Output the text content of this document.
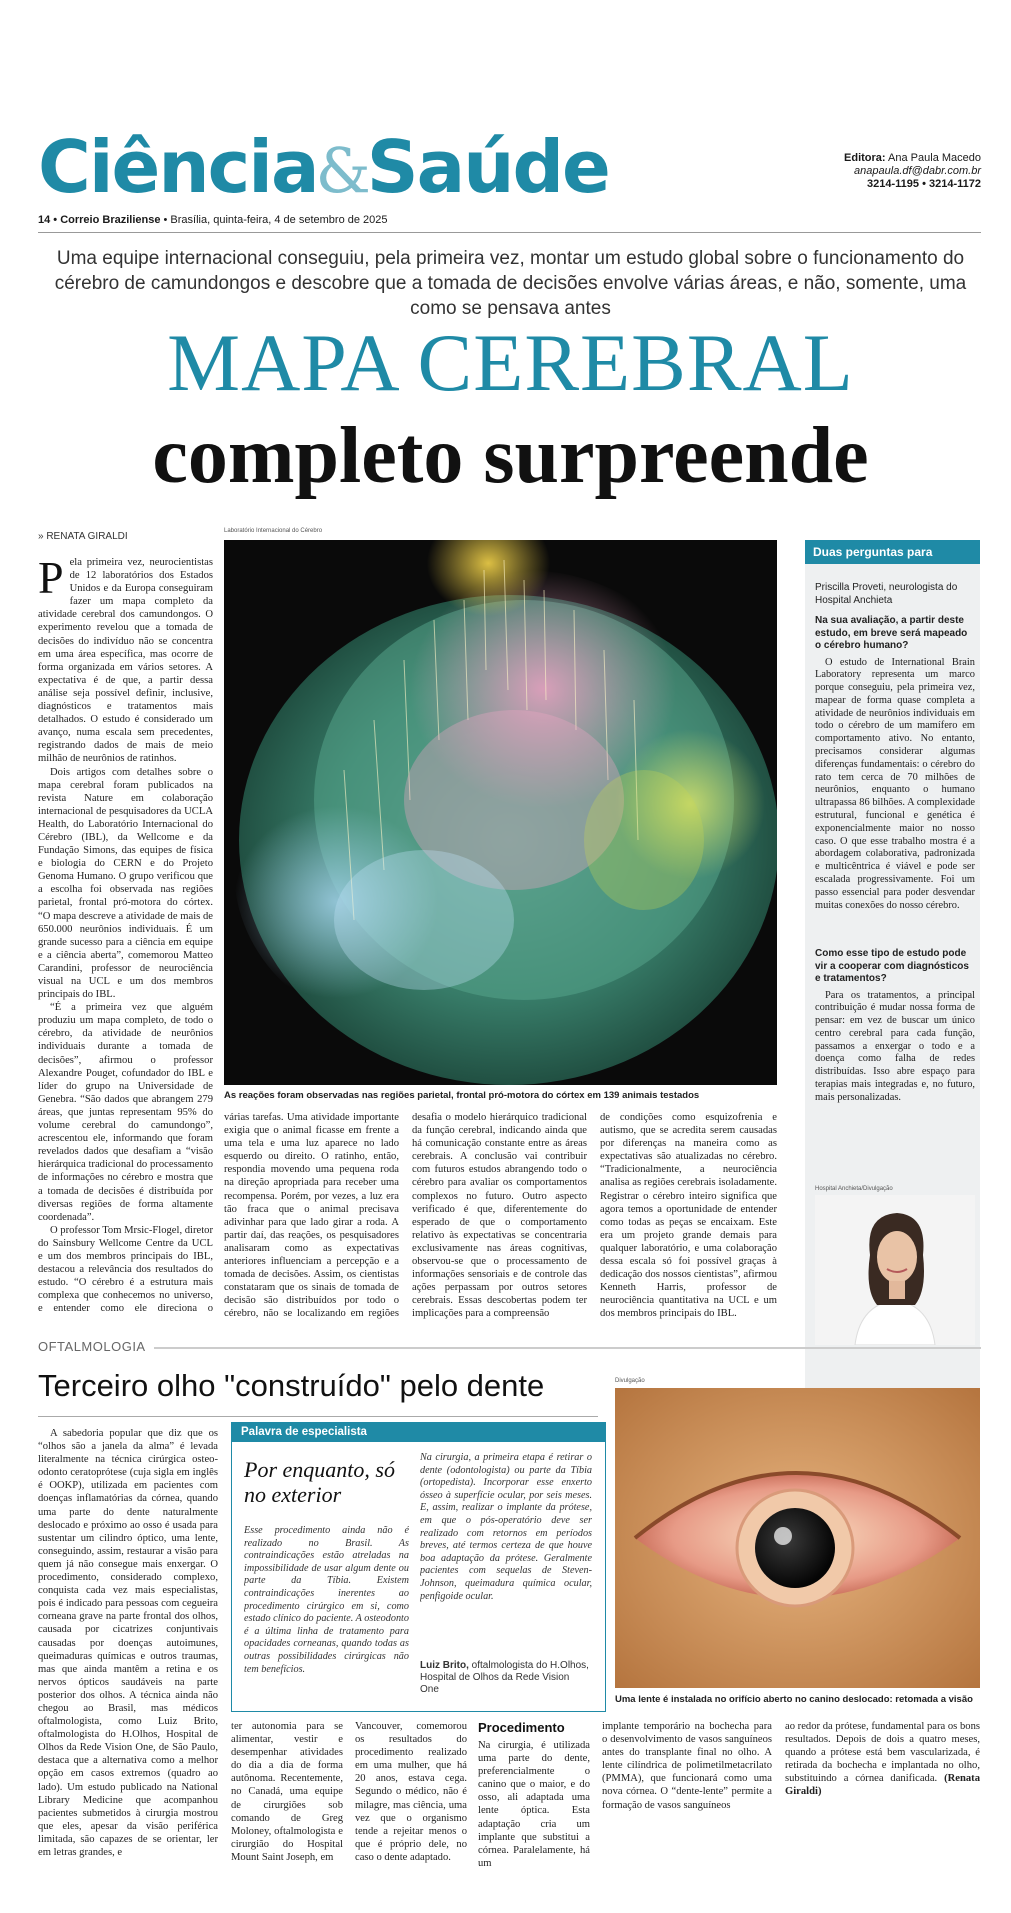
Ciência&Saúde	Editora: Ana Paula Macedo
anapaula.df@dabr.com.br
3214-1195 • 3214-1172
14 • Correio Braziliense • Brasília, quinta-feira, 4 de setembro de 2025
Uma equipe internacional conseguiu, pela primeira vez, montar um estudo global sobre o funcionamento do cérebro de camundongos e descobre que a tomada de decisões envolve várias áreas, e não, somente, uma como se pensava antes
MAPA CEREBRAL
completo surpreende
» RENATA GIRALDI

Pela primeira vez, neurocientistas de 12 laboratórios dos Estados Unidos e da Europa conseguiram fazer um mapa completo da atividade cerebral dos camundongos. O experimento revelou que a tomada de decisões do indivíduo não se concentra em uma área específica, mas ocorre de forma organizada em vários setores. A expectativa é de que, a partir dessa análise seja possível definir, inclusive, diagnósticos e tratamentos mais detalhados. O estudo é considerado um avanço, numa escala sem precedentes, registrando dados de mais de meio milhão de neurônios de ratinhos.

Dois artigos com detalhes sobre o mapa cerebral foram publicados na revista Nature em colaboração internacional de pesquisadores da UCLA Health, do Laboratório Internacional do Cérebro (IBL), da Wellcome e da Fundação Simons, das equipes de física e biologia do CERN e do Projeto Genoma Humano. O grupo verificou que a escolha foi observada nas regiões parietal, frontal pró-motora do córtex. “O mapa descreve a atividade de mais de 650.000 neurônios individuais. É um grande sucesso para a ciência em equipe e a ciência aberta”, comemorou Matteo Carandini, professor de neurociência visual na UCL e um dos membros principais do IBL.

“É a primeira vez que alguém produziu um mapa completo, de todo o cérebro, da atividade de neurônios individuais durante a tomada de decisões”, afirmou o professor Alexandre Pouget, cofundador do IBL e líder do grupo na Universidade de Genebra. “São dados que abrangem 279 áreas, que juntas representam 95% do volume cerebral do camundongo”, acrescentou ele, informando que foram revelados dados que desafiam a “visão hierárquica tradicional do processamento de informações no cérebro e mostra que a tomada de decisões é distribuída por diversas regiões de forma altamente coordenada”.

O professor Tom Mrsic-Flogel, diretor do Sainsbury Wellcome Centre da UCL e um dos membros principais do IBL, destacou a relevância dos resultados do estudo. “O cérebro é a estrutura mais complexa que conhecemos no universo, e entender como ele direciona o

Laboratório Internacional do Cérebro
As reações foram observadas nas regiões parietal, frontal pró-motora do córtex em 139 animais testados

várias tarefas. Uma atividade importante exigia que o animal ficasse em frente a uma tela e uma luz aparece no lado esquerdo ou direito. O ratinho, então, respondia movendo uma pequena roda na direção apropriada para receber uma recompensa. Porém, por vezes, a luz era tão fraca que o animal precisava adivinhar para que lado girar a roda. A partir daí, das reações, os pesquisadores analisaram como as expectativas anteriores influenciam a percepção e a tomada de decisões. Assim, os cientistas constataram que os sinais de tomada de decisão são distribuídos por todo o cérebro, não se localizando em regiões

desafia o modelo hierárquico tradicional da função cerebral, indicando ainda que há comunicação constante entre as áreas cerebrais. A conclusão vai contribuir com futuros estudos abrangendo todo o cérebro para avaliar os comportamentos complexos no futuro. Outro aspecto verificado é que, diferentemente do esperado de que o comportamento relativo às expectativas se concentraria exclusivamente nas áreas cognitivas, observou-se que o processamento de informações sensoriais e de controle das ações perpassam por outros setores cerebrais. Essas descobertas podem ter implicações para a compreensão

de condições como esquizofrenia e autismo, que se acredita serem causadas por diferenças na maneira como as expectativas são atualizadas no cérebro. “Tradicionalmente, a neurociência analisa as regiões cerebrais isoladamente. Registrar o cérebro inteiro significa que agora temos a oportunidade de entender como todas as peças se encaixam. Este era um projeto grande demais para qualquer laboratório, e uma colaboração dessa escala só foi possível graças à dedicação dos nossos cientistas”, afirmou Kenneth Harris, professor de neurociência quantitativa na UCL e um dos membros principais do IBL.

Duas perguntas para
Priscilla Proveti, neurologista do Hospital Anchieta
Na sua avaliação, a partir deste estudo, em breve será mapeado o cérebro humano?
O estudo de International Brain Laboratory representa um marco porque conseguiu, pela primeira vez, mapear de forma quase completa a atividade de neurônios individuais em todo o cérebro de um mamífero em comportamento ativo. No entanto, precisamos considerar algumas diferenças fundamentais: o cérebro do rato tem cerca de 70 milhões de neurônios, enquanto o humano ultrapassa 86 bilhões. A complexidade estrutural, funcional e genética é exponencialmente maior no nosso caso. O que esse trabalho mostra é a abordagem colaborativa, padronizada e multicêntrica é viável e pode ser escalada progressivamente. Foi um passo essencial para poder desvendar muitas conexões do nosso cérebro.
Como esse tipo de estudo pode vir a cooperar com diagnósticos e tratamentos?
Para os tratamentos, a principal contribuição é mudar nossa forma de pensar: em vez de buscar um único centro cerebral para cada função, passamos a enxergar o todo e a doença como falha de redes distribuídas. Isso abre espaço para terapias mais integradas e, no futuro, mais personalizadas.
Hospital Anchieta/Divulgação
OFTALMOLOGIA
Terceiro olho "construído" pelo dente

A sabedoria popular que diz que os “olhos são a janela da alma” é levada literalmente na técnica cirúrgica osteo-odonto ceratoprótese (cuja sigla em inglês é OOKP), utilizada em pacientes com doenças inflamatórias da córnea, quando uma parte do dente naturalmente deslocado e próximo ao osso é usada para sustentar um cilindro óptico, uma lente, conseguindo, assim, restaurar a visão para quem já não consegue mais enxergar. O procedimento, considerado complexo, conquista cada vez mais especialistas, pois é indicado para pessoas com cegueira corneana grave na parte frontal dos olhos, causada por cicatrizes conjuntivais causadas por doenças autoimunes, queimaduras químicas e outros traumas, mas que ainda mantêm a retina e os nervos ópticos saudáveis na parte posterior dos olhos. A técnica ainda não chegou ao Brasil, mas médicos oftalmologista, como Luiz Brito, oftalmologista do H.Olhos, Hospital de Olhos da Rede Vision One, de São Paulo, destaca que a alternativa como a melhor opção em casos extremos (quadro ao lado). Um estudo publicado na National Library Medicine que acompanhou pacientes submetidos à cirurgia mostrou que eles, apesar da visão periférica limitada, são capazes de se orientar, ler em letras grandes, e

Palavra de especialista
Por enquanto, só no exterior
Esse procedimento ainda não é realizado no Brasil. As contraindicações estão atreladas na impossibilidade de usar algum dente ou parte da Tíbia. Existem contraindicações inerentes ao procedimento cirúrgico em si, como estado clínico do paciente. A osteodonto é a última linha de tratamento para opacidades corneanas, quando todas as outras possibilidades cirúrgicas não tem benefícios.
Na cirurgia, a primeira etapa é retirar o dente (odontologista) ou parte da Tíbia (ortopedista). Incorporar esse enxerto ósseo à superfície ocular, por seis meses. E, assim, realizar o implante da prótese, em que o pós-operatório deve ser realizado com retornos em períodos breves, até termos certeza de que houve boa adaptação da prótese. Geralmente pacientes com sequelas de Steven-Johnson, queimadura química ocular, penfigoide ocular.
Luiz Brito, oftalmologista do H.Olhos, Hospital de Olhos da Rede Vision One
Divulgação
Uma lente é instalada no orifício aberto no canino deslocado: retomada a visão

ter autonomia para se alimentar, vestir e desempenhar atividades do dia a dia de forma autônoma. Recentemente, no Canadá, uma equipe de cirurgiões sob comando de Greg Moloney, oftalmologista e cirurgião do Hospital Mount Saint Joseph, em

Vancouver, comemorou os resultados do procedimento realizado em uma mulher, que há 20 anos, estava cega. Segundo o médico, não é milagre, mas ciência, uma vez que o organismo tende a rejeitar menos o que é próprio dele, no caso o dente adaptado.

Procedimento
Na cirurgia, é utilizada uma parte do dente, preferencialmente o canino que o maior, e do osso, ali adaptada uma lente óptica. Esta adaptação cria um implante que substitui a córnea. Paralelamente, há um

implante temporário na bochecha para o desenvolvimento de vasos sanguíneos antes do transplante final no olho. A lente cilíndrica de polimetilmetacrilato (PMMA), que funcionará como uma nova córnea. O “dente-lente” permite a formação de vasos sanguíneos

ao redor da prótese, fundamental para os bons resultados. Depois de dois a quatro meses, quando a prótese está bem vascularizada, é retirada da bochecha e implantada no olho, substituindo a córnea danificada. (Renata Giraldi)
